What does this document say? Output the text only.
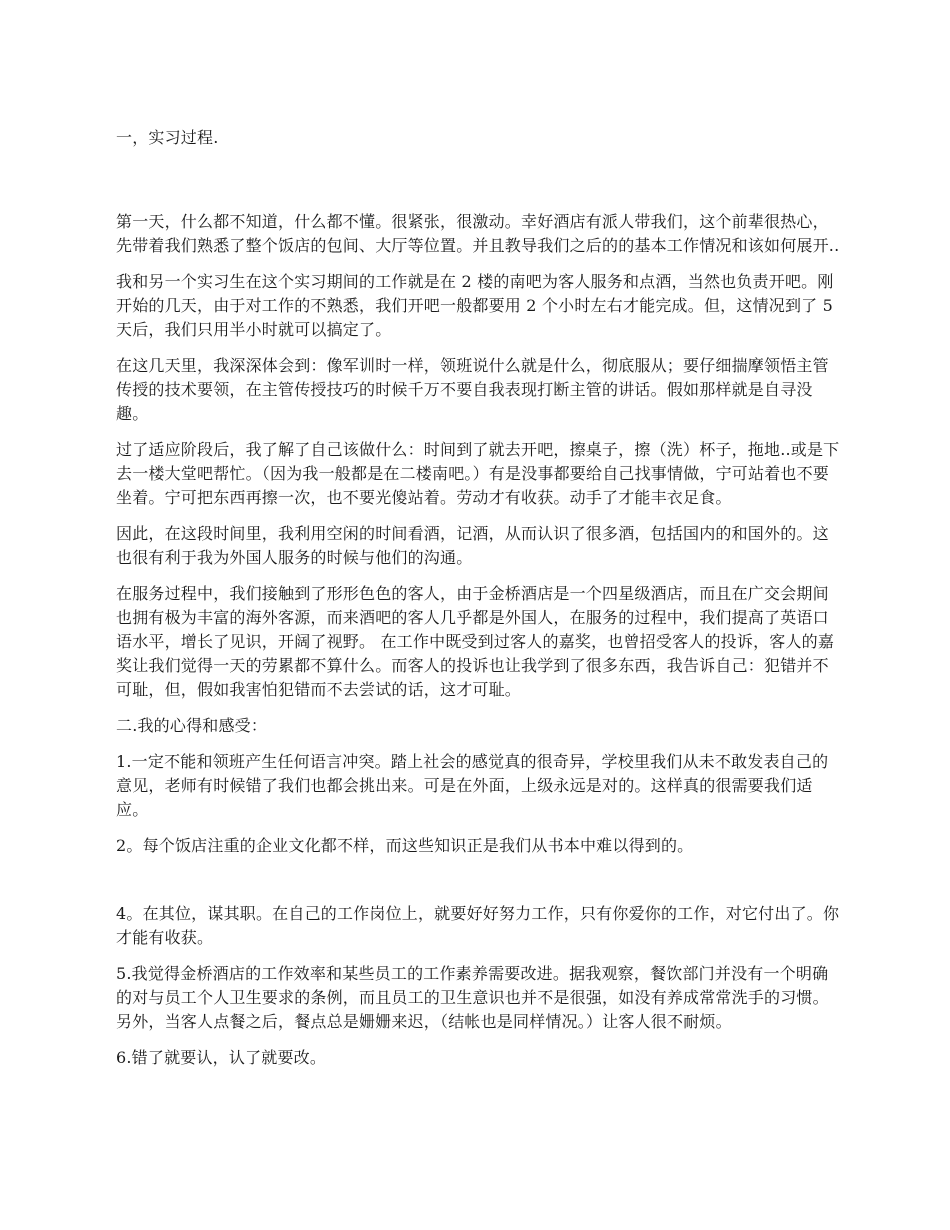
一，实习过程.

第一天，什么都不知道，什么都不懂。很紧张，很激动。幸好酒店有派人带我们，这个前辈很热心，先带着我们熟悉了整个饭店的包间、大厅等位置。并且教导我们之后的的基本工作情况和该如何展开..

我和另一个实习生在这个实习期间的工作就是在 2 楼的南吧为客人服务和点酒，当然也负责开吧。刚开始的几天，由于对工作的不熟悉，我们开吧一般都要用 2 个小时左右才能完成。但，这情况到了 5 天后，我们只用半小时就可以搞定了。

在这几天里，我深深体会到：像军训时一样，领班说什么就是什么，彻底服从；要仔细揣摩领悟主管传授的技术要领，在主管传授技巧的时候千万不要自我表现打断主管的讲话。假如那样就是自寻没趣。

过了适应阶段后，我了解了自己该做什么：时间到了就去开吧，擦桌子，擦（洗）杯子，拖地..或是下去一楼大堂吧帮忙。（因为我一般都是在二楼南吧。）有是没事都要给自己找事情做，宁可站着也不要坐着。宁可把东西再擦一次，也不要光傻站着。劳动才有收获。动手了才能丰衣足食。

因此，在这段时间里，我利用空闲的时间看酒，记酒，从而认识了很多酒，包括国内的和国外的。这也很有利于我为外国人服务的时候与他们的沟通。

在服务过程中，我们接触到了形形色色的客人，由于金桥酒店是一个四星级酒店，而且在广交会期间也拥有极为丰富的海外客源，而来酒吧的客人几乎都是外国人，在服务的过程中，我们提高了英语口语水平，增长了见识，开阔了视野。 在工作中既受到过客人的嘉奖，也曾招受客人的投诉，客人的嘉奖让我们觉得一天的劳累都不算什么。而客人的投诉也让我学到了很多东西，我告诉自己：犯错并不可耻，但，假如我害怕犯错而不去尝试的话，这才可耻。

二.我的心得和感受：

1.一定不能和领班产生任何语言冲突。踏上社会的感觉真的很奇异，学校里我们从未不敢发表自己的意见，老师有时候错了我们也都会挑出来。可是在外面，上级永远是对的。这样真的很需要我们适应。

2。每个饭店注重的企业文化都不样，而这些知识正是我们从书本中难以得到的。

4。在其位，谋其职。在自己的工作岗位上，就要好好努力工作，只有你爱你的工作，对它付出了。你才能有收获。

5.我觉得金桥酒店的工作效率和某些员工的工作素养需要改进。据我观察，餐饮部门并没有一个明确的对与员工个人卫生要求的条例，而且员工的卫生意识也并不是很强，如没有养成常常洗手的习惯。 另外，当客人点餐之后，餐点总是姗姗来迟，（结帐也是同样情况。）让客人很不耐烦。

6.错了就要认，认了就要改。
